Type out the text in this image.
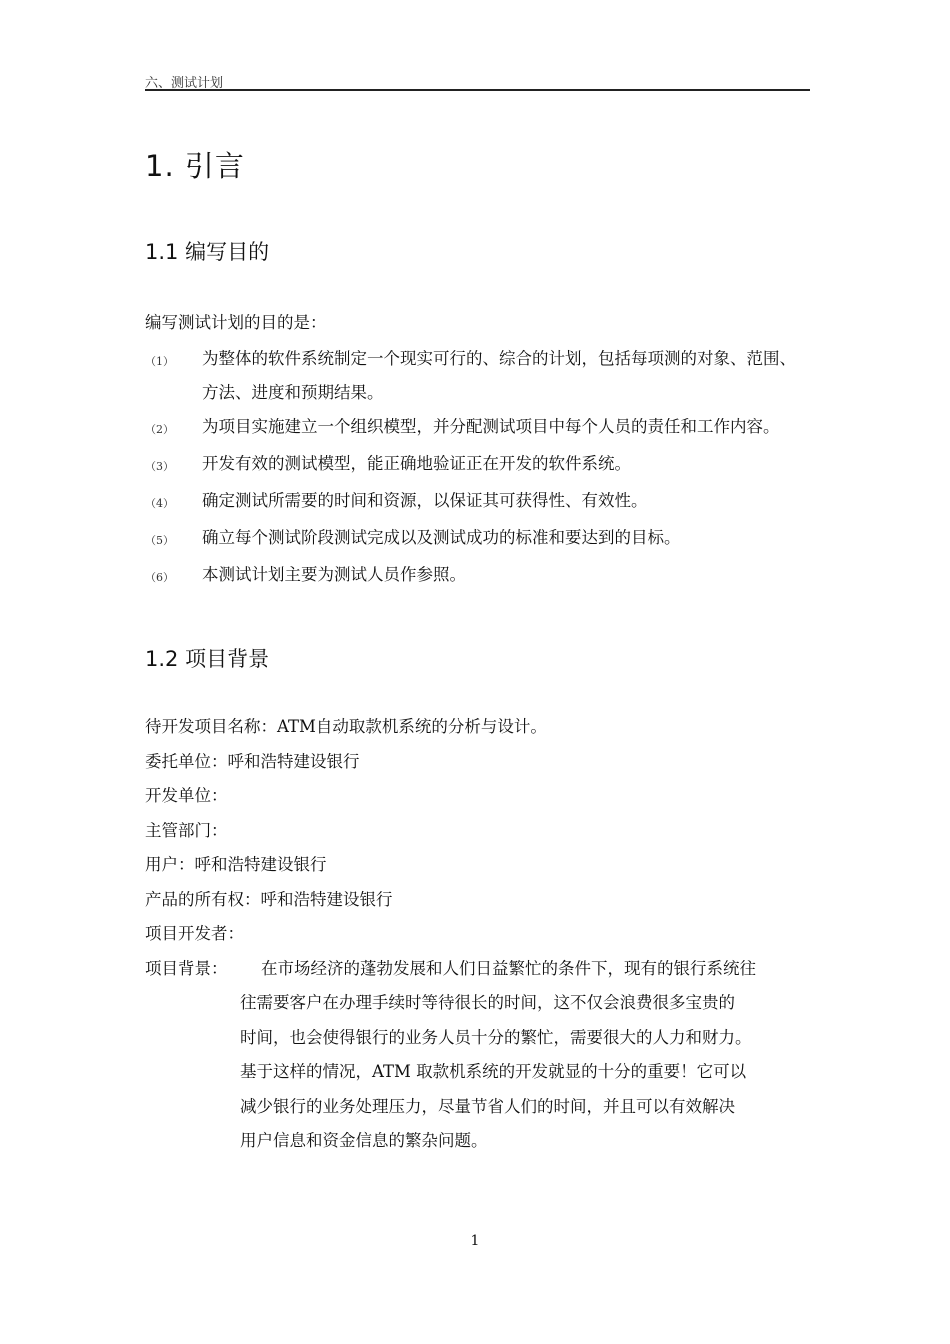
六、测试计划
1. 引言
1.1 编写目的
编写测试计划的目的是：
（1）	为整体的软件系统制定一个现实可行的、综合的计划，包括每项测的对象、范围、方法、进度和预期结果。
（2）	为项目实施建立一个组织模型，并分配测试项目中每个人员的责任和工作内容。
（3）	开发有效的测试模型，能正确地验证正在开发的软件系统。
（4）	确定测试所需要的时间和资源，以保证其可获得性、有效性。
（5）	确立每个测试阶段测试完成以及测试成功的标准和要达到的目标。
（6）	本测试计划主要为测试人员作参照。
1.2 项目背景
待开发项目名称：ATM自动取款机系统的分析与设计。
委托单位：呼和浩特建设银行
开发单位：
主管部门：
用户：呼和浩特建设银行
产品的所有权：呼和浩特建设银行
项目开发者：
项目背景：	在市场经济的蓬勃发展和人们日益繁忙的条件下，现有的银行系统往
往需要客户在办理手续时等待很长的时间，这不仅会浪费很多宝贵的
时间，也会使得银行的业务人员十分的繁忙，需要很大的人力和财力。
基于这样的情况，ATM 取款机系统的开发就显的十分的重要！它可以
减少银行的业务处理压力，尽量节省人们的时间，并且可以有效解决
用户信息和资金信息的繁杂问题。
1
